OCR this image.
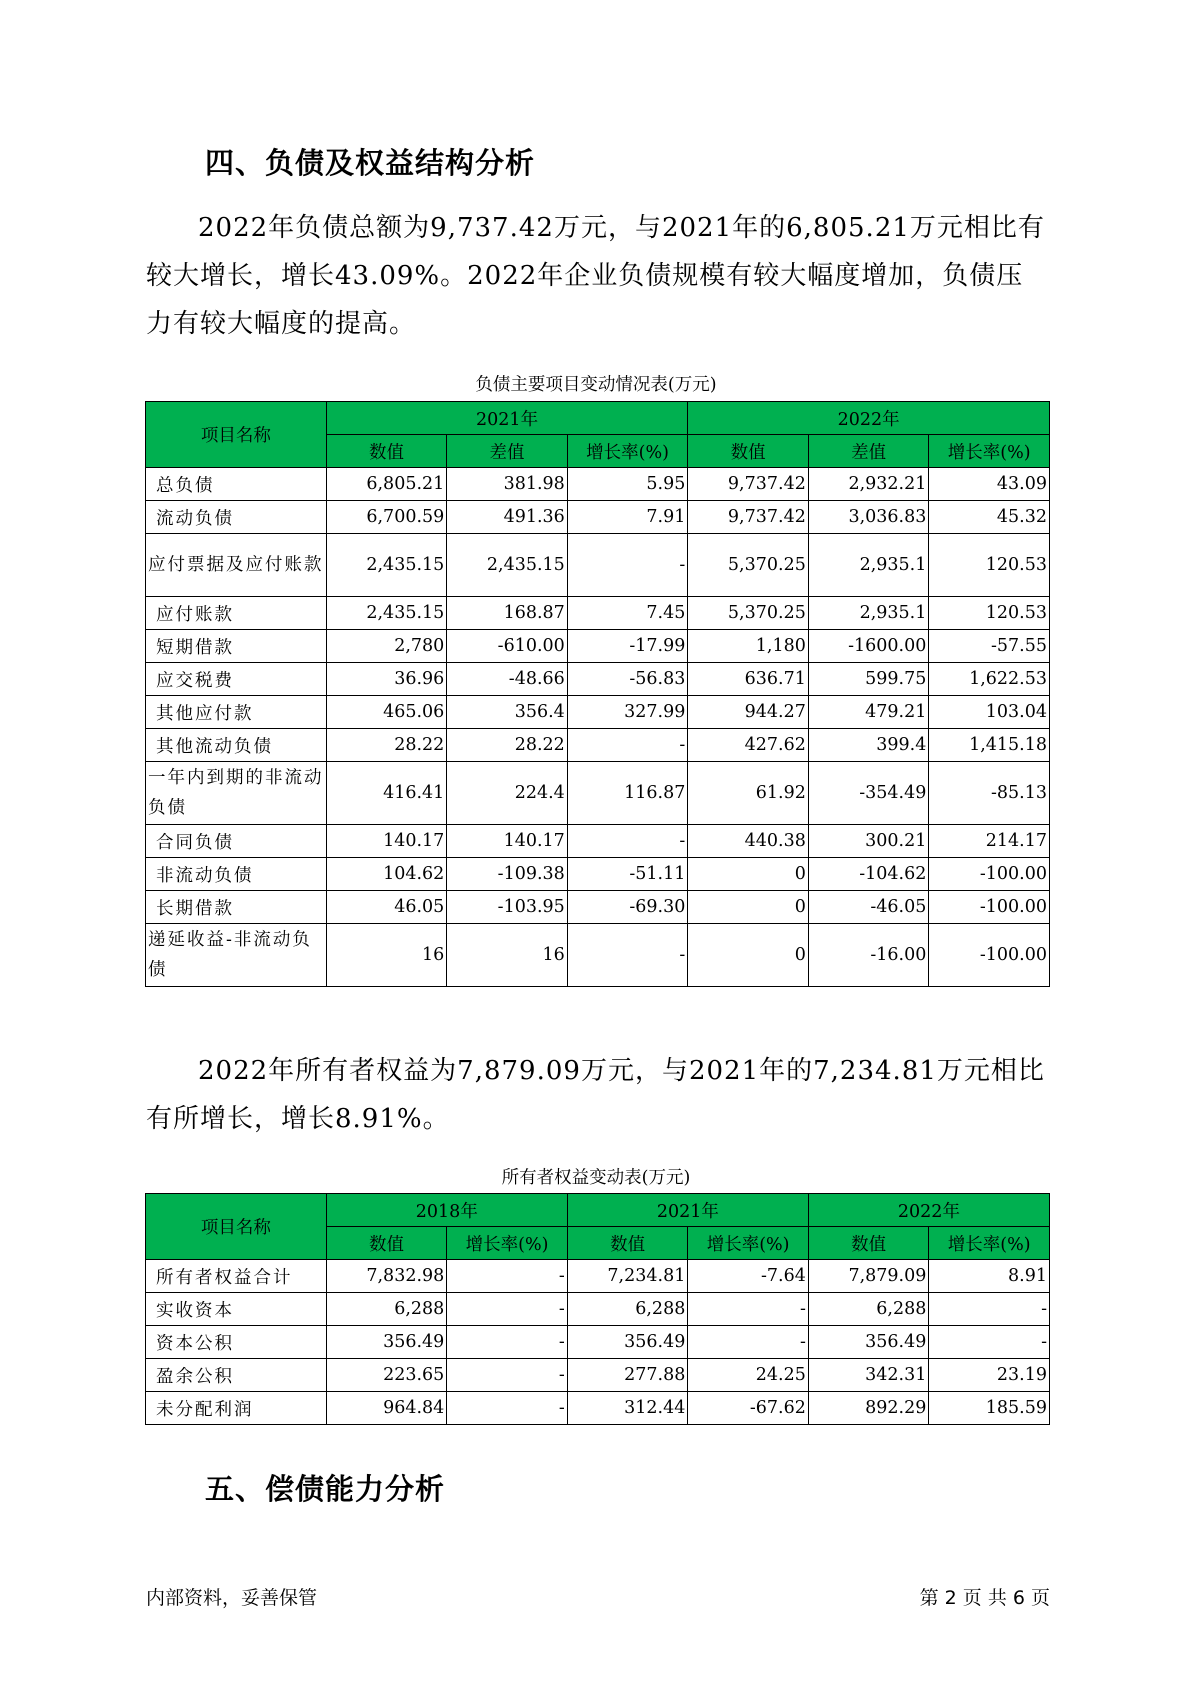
四、负债及权益结构分析

2022年负债总额为9,737.42万元，与2021年的6,805.21万元相比有较大增长，增长43.09%。2022年企业负债规模有较大幅度增加，负债压力有较大幅度的提高。

负债主要项目变动情况表(万元)

项目名称	2021年			2022年		
	数值	差值	增长率(%)	数值	差值	增长率(%)
总负债	6,805.21	381.98	5.95	9,737.42	2,932.21	43.09
流动负债	6,700.59	491.36	7.91	9,737.42	3,036.83	45.32
应付票据及应付账款	2,435.15	2,435.15	-	5,370.25	2,935.1	120.53
应付账款	2,435.15	168.87	7.45	5,370.25	2,935.1	120.53
短期借款	2,780	-610.00	-17.99	1,180	-1600.00	-57.55
应交税费	36.96	-48.66	-56.83	636.71	599.75	1,622.53
其他应付款	465.06	356.4	327.99	944.27	479.21	103.04
其他流动负债	28.22	28.22	-	427.62	399.4	1,415.18
一年内到期的非流动负债	416.41	224.4	116.87	61.92	-354.49	-85.13
合同负债	140.17	140.17	-	440.38	300.21	214.17
非流动负债	104.62	-109.38	-51.11	0	-104.62	-100.00
长期借款	46.05	-103.95	-69.30	0	-46.05	-100.00
递延收益-非流动负债	16	16	-	0	-16.00	-100.00

2022年所有者权益为7,879.09万元，与2021年的7,234.81万元相比有所增长，增长8.91%。

所有者权益变动表(万元)

项目名称	2018年		2021年		2022年	
	数值	增长率(%)	数值	增长率(%)	数值	增长率(%)
所有者权益合计	7,832.98	-	7,234.81	-7.64	7,879.09	8.91
实收资本	6,288	-	6,288	-	6,288	-
资本公积	356.49	-	356.49	-	356.49	-
盈余公积	223.65	-	277.88	24.25	342.31	23.19
未分配利润	964.84	-	312.44	-67.62	892.29	185.59
五、偿债能力分析

内部资料，妥善保管	第 2 页 共 6 页
